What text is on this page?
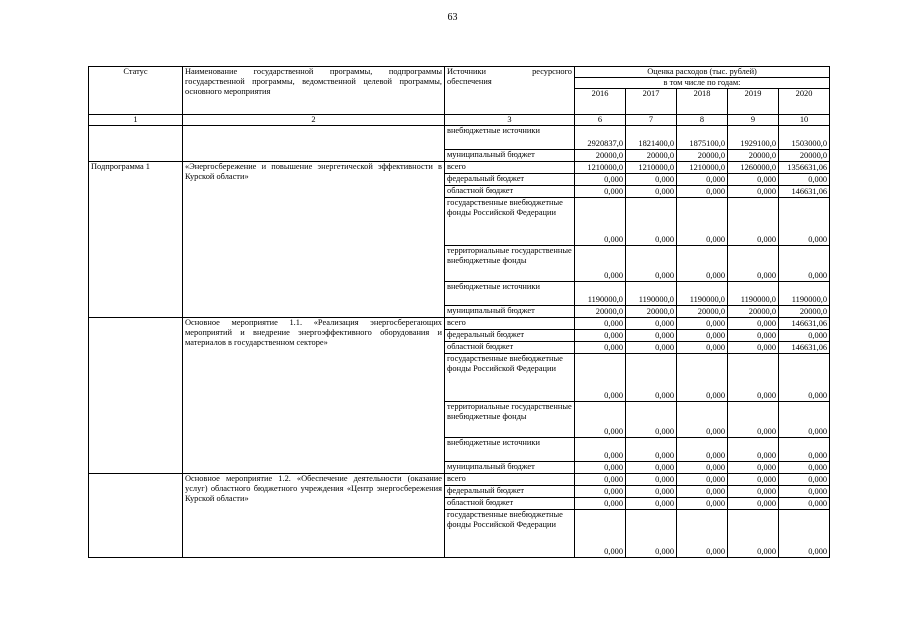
63
Статус	Наименование государственной программы, подпрограммы государственной программы, ведомственной целевой программы, основного мероприятия	Источники ресурсного обеспечения	Оценка расходов (тыс. рублей)				
			в том числе по годам:				
			2016	2017	2018	2019	2020
1	2	3	6	7	8	9	10
		внебюджетные источники	2920837,0	1821400,0	1875100,0	1929100,0	1503000,0
		муниципальный бюджет	20000,0	20000,0	20000,0	20000,0	20000,0
Подпрограмма 1	«Энергосбережение и повышение энергетической эффективности в Курской области»	всего	1210000,0	1210000,0	1210000,0	1260000,0	1356631,06
		федеральный бюджет	0,000	0,000	0,000	0,000	0,000
		областной бюджет	0,000	0,000	0,000	0,000	146631,06
		государственные внебюджетные фонды Российской Федерации	0,000	0,000	0,000	0,000	0,000
		территориальные государственные внебюджетные фонды	0,000	0,000	0,000	0,000	0,000
		внебюджетные источники	1190000,0	1190000,0	1190000,0	1190000,0	1190000,0
		муниципальный бюджет	20000,0	20000,0	20000,0	20000,0	20000,0
	Основное мероприятие 1.1. «Реализация энергосберегающих мероприятий и внедрение энергоэффективного оборудования и материалов в государственном секторе»	всего	0,000	0,000	0,000	0,000	146631,06
		федеральный бюджет	0,000	0,000	0,000	0,000	0,000
		областной бюджет	0,000	0,000	0,000	0,000	146631,06
		государственные внебюджетные фонды Российской Федерации	0,000	0,000	0,000	0,000	0,000
		территориальные государственные внебюджетные фонды	0,000	0,000	0,000	0,000	0,000
		внебюджетные источники	0,000	0,000	0,000	0,000	0,000
		муниципальный бюджет	0,000	0,000	0,000	0,000	0,000
	Основное мероприятие 1.2. «Обеспечение деятельности (оказание услуг) областного бюджетного учреждения «Центр энергосбережения Курской области»	всего	0,000	0,000	0,000	0,000	0,000
		федеральный бюджет	0,000	0,000	0,000	0,000	0,000
		областной бюджет	0,000	0,000	0,000	0,000	0,000
		государственные внебюджетные фонды Российской Федерации	0,000	0,000	0,000	0,000	0,000
